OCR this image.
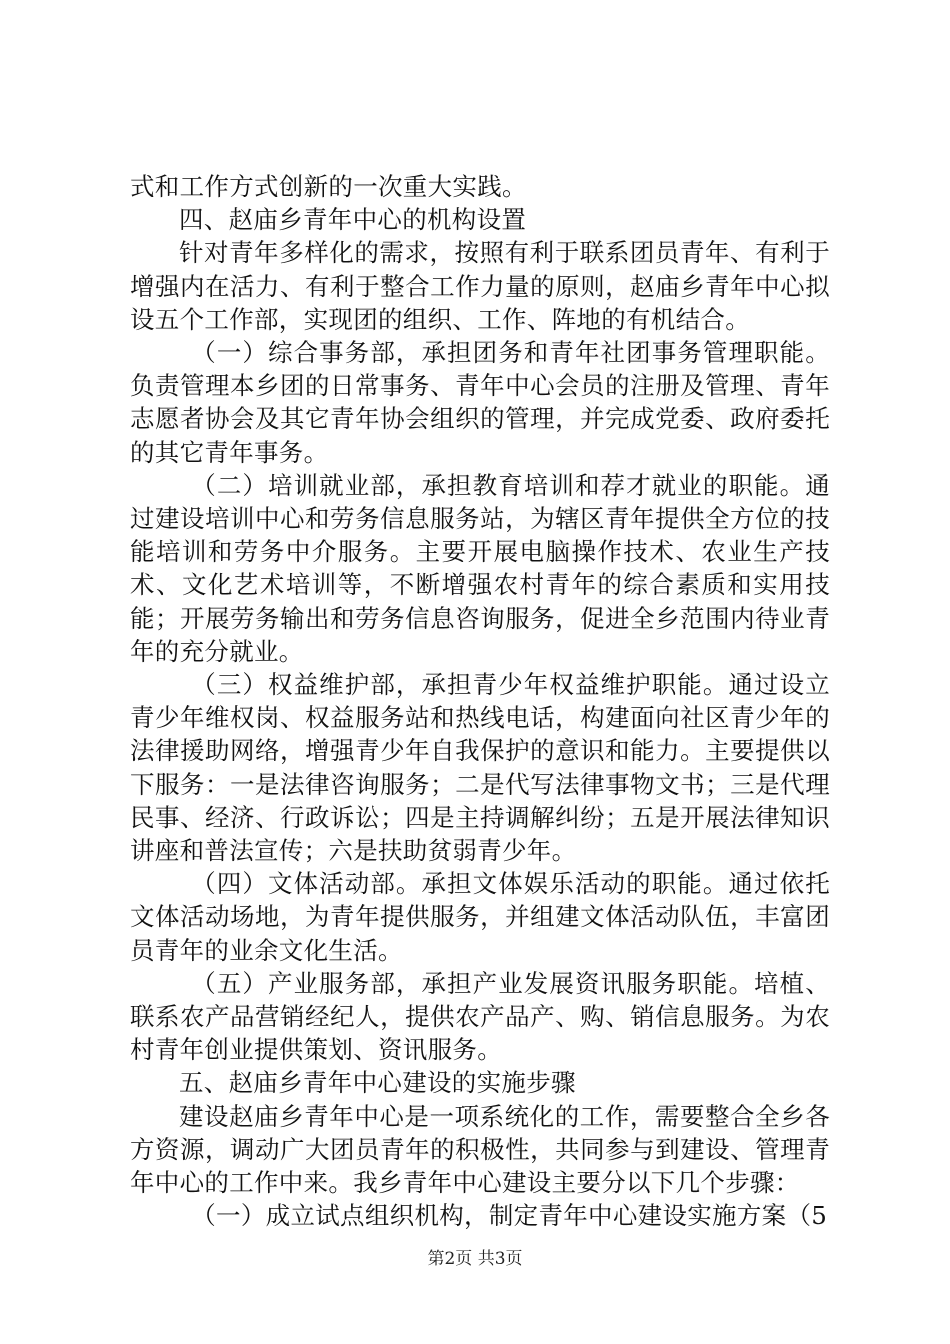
式和工作方式创新的一次重大实践。

四、赵庙乡青年中心的机构设置

针对青年多样化的需求，按照有利于联系团员青年、有利于增强内在活力、有利于整合工作力量的原则，赵庙乡青年中心拟设五个工作部，实现团的组织、工作、阵地的有机结合。

（一）综合事务部，承担团务和青年社团事务管理职能。负责管理本乡团的日常事务、青年中心会员的注册及管理、青年志愿者协会及其它青年协会组织的管理，并完成党委、政府委托的其它青年事务。

（二）培训就业部，承担教育培训和荐才就业的职能。通过建设培训中心和劳务信息服务站，为辖区青年提供全方位的技能培训和劳务中介服务。主要开展电脑操作技术、农业生产技术、文化艺术培训等，不断增强农村青年的综合素质和实用技能；开展劳务输出和劳务信息咨询服务，促进全乡范围内待业青年的充分就业。

（三）权益维护部，承担青少年权益维护职能。通过设立青少年维权岗、权益服务站和热线电话，构建面向社区青少年的法律援助网络，增强青少年自我保护的意识和能力。主要提供以下服务：一是法律咨询服务；二是代写法律事物文书；三是代理民事、经济、行政诉讼；四是主持调解纠纷；五是开展法律知识讲座和普法宣传；六是扶助贫弱青少年。

（四）文体活动部。承担文体娱乐活动的职能。通过依托文体活动场地，为青年提供服务，并组建文体活动队伍，丰富团员青年的业余文化生活。

（五）产业服务部，承担产业发展资讯服务职能。培植、联系农产品营销经纪人，提供农产品产、购、销信息服务。为农村青年创业提供策划、资讯服务。

五、赵庙乡青年中心建设的实施步骤

建设赵庙乡青年中心是一项系统化的工作，需要整合全乡各方资源，调动广大团员青年的积极性，共同参与到建设、管理青年中心的工作中来。我乡青年中心建设主要分以下几个步骤：

（一）成立试点组织机构，制定青年中心建设实施方案（5

第2页 共3页
